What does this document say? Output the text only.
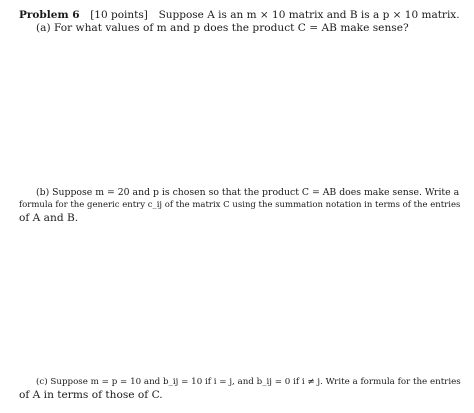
Problem 6 [10 points] Suppose A is an m × 10 matrix and B is a p × 10 matrix.
(a) For what values of m and p does the product C = AB make sense?
(b) Suppose m = 20 and p is chosen so that the product C = AB does make sense. Write a
formula for the generic entry c_ij of the matrix C using the summation notation in terms of the entries
of A and B.
(c) Suppose m = p = 10 and b_ij = 10 if i = j, and b_ij = 0 if i ≠ j. Write a formula for the entries
of A in terms of those of C.
